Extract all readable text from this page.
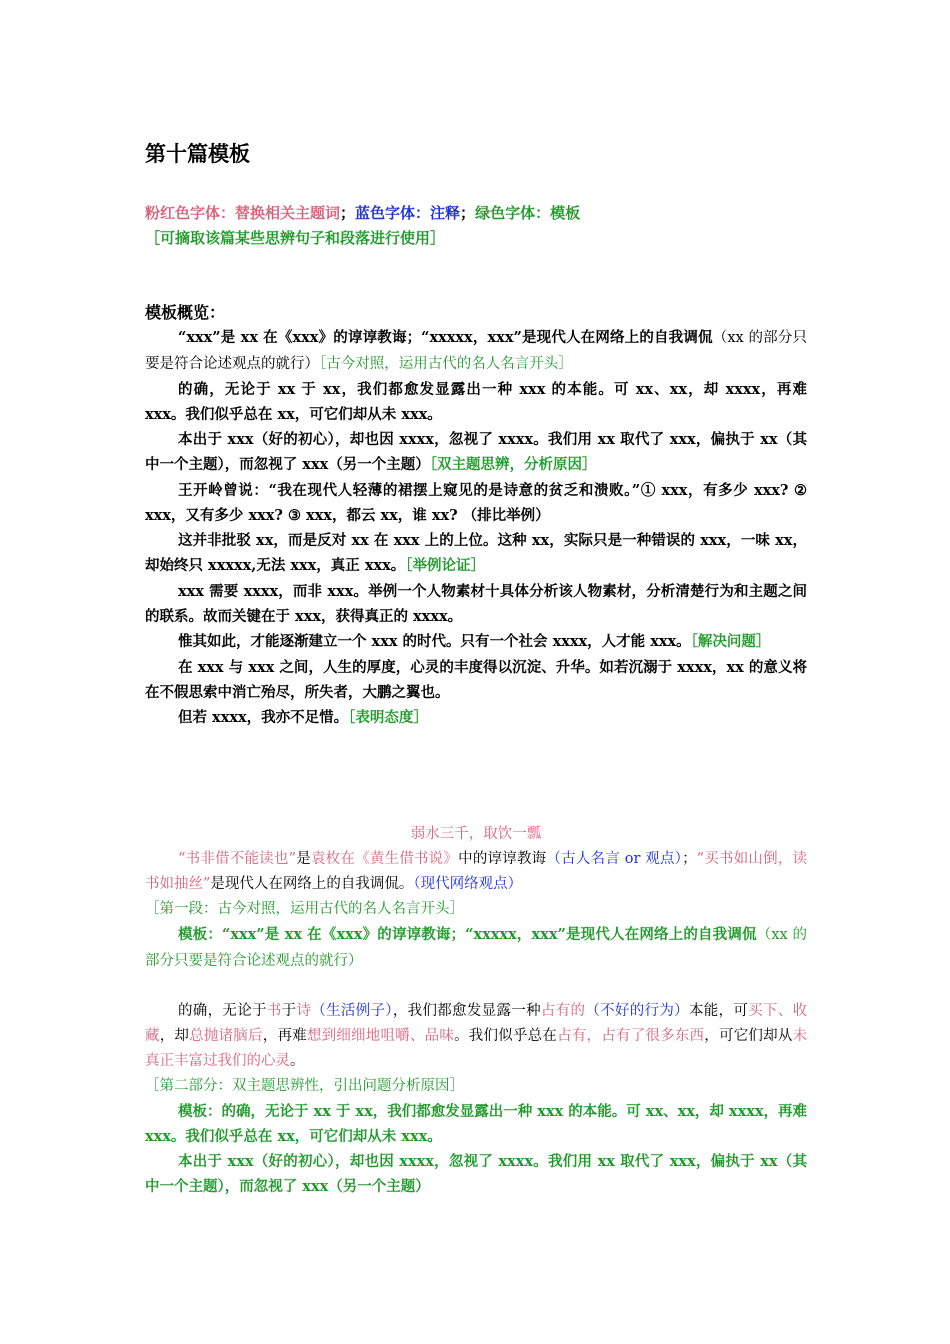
第十篇模板
粉红色字体：替换相关主题词；蓝色字体：注释；绿色字体：模板
［可摘取该篇某些思辨句子和段落进行使用］

模板概览：

“xxx”是 xx 在《xxx》的谆谆教诲；“xxxxx，xxx”是现代人在网络上的自我调侃（xx 的部分只要是符合论述观点的就行）［古今对照，运用古代的名人名言开头］

的确，无论于 xx 于 xx，我们都愈发显露出一种 xxx 的本能。可 xx、xx，却 xxxx，再难 xxx。我们似乎总在 xx，可它们却从未 xxx。

本出于 xxx（好的初心），却也因 xxxx，忽视了 xxxx。我们用 xx 取代了 xxx，偏执于 xx（其中一个主题），而忽视了 xxx（另一个主题）［双主题思辨，分析原因］

王开岭曾说：“我在现代人轻薄的裙摆上窥见的是诗意的贫乏和溃败。”① xxx，有多少 xxx? ② xxx，又有多少 xxx? ③ xxx，都云 xx，谁 xx? （排比举例）

这并非批驳 xx，而是反对 xx 在 xxx 上的上位。这种 xx，实际只是一种错误的 xxx，一味 xx，却始终只 xxxxx,无法 xxx，真正 xxx。［举例论证］

xxx 需要 xxxx，而非 xxx。举例一个人物素材十具体分析该人物素材，分析清楚行为和主题之间的联系。故而关键在于 xxx，获得真正的 xxxx。

惟其如此，才能逐渐建立一个 xxx 的时代。只有一个社会 xxxx，人才能 xxx。［解决问题］

在 xxx 与 xxx 之间，人生的厚度，心灵的丰度得以沉淀、升华。如若沉溺于 xxxx，xx 的意义将在不假思索中消亡殆尽，所失者，大鹏之翼也。

但若 xxxx，我亦不足惜。［表明态度］

弱水三千，取饮一瓢

“书非借不能读也”是袁枚在《黄生借书说》中的谆谆教诲（古人名言 or 观点）；“买书如山倒，读书如抽丝”是现代人在网络上的自我调侃。（现代网络观点）

［第一段：古今对照，运用古代的名人名言开头］

模板：“xxx”是 xx 在《xxx》的谆谆教诲；“xxxxx，xxx”是现代人在网络上的自我调侃（xx 的部分只要是符合论述观点的就行）

的确，无论于书于诗（生活例子），我们都愈发显露一种占有的（不好的行为）本能，可买下、收藏，却总抛诸脑后，再难想到细细地咀嚼、品味。我们似乎总在占有，占有了很多东西，可它们却从未真正丰富过我们的心灵。

［第二部分：双主题思辨性，引出问题分析原因］

模板：的确，无论于 xx 于 xx，我们都愈发显露出一种 xxx 的本能。可 xx、xx，却 xxxx，再难 xxx。我们似乎总在 xx，可它们却从未 xxx。

本出于 xxx（好的初心），却也因 xxxx，忽视了 xxxx。我们用 xx 取代了 xxx，偏执于 xx（其中一个主题），而忽视了 xxx（另一个主题）
